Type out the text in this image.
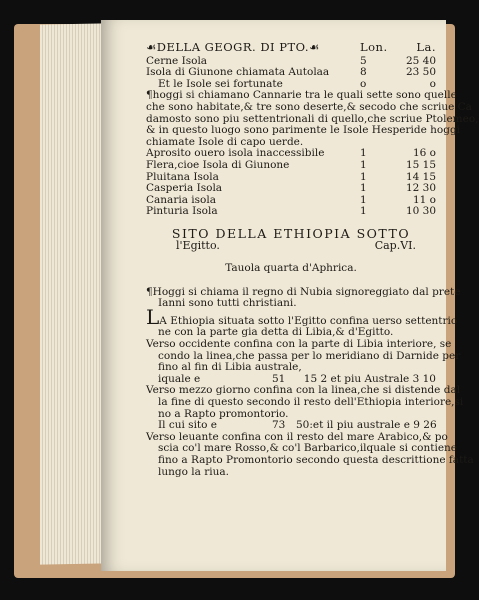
☙DELLA GEOGR. DI PTO.☙	Lon.	La.
Cerne Isola	5	25 40
Isola di Giunone chiamata Autolaa	8	23 50
Et le Isole sei fortunate	o	o
¶hoggi si chiamano Cannarie tra le quali sette sono quelle
che sono habitate,& tre sono deserte,& secodo che scriue Ca
damosto sono piu settentrionali di quello,che scriue Ptolemeo,
& in questo luogo sono parimente le Isole Hesperide hoggi
chiamate Isole di capo uerde.
Aprosito ouero isola inaccessibile	1	16 o
Flera,cioe Isola di Giunone	1	15 15
Pluitana Isola	1	14 15
Casperia Isola	1	12 30
Canaria isola	1	11 o
Pinturia Isola	1	10 30
SITO DELLA ETHIOPIA SOTTO
l'Egitto.	Cap.VI.
Tauola quarta d'Aphrica.
¶Hoggi si chiama il regno di Nubia signoreggiato dal prete
Ianni sono tutti christiani.
LA Ethiopia situata sotto l'Egitto confina uerso settentrio
ne con la parte gia detta di Libia,& d'Egitto.
Verso occidente confina con la parte di Libia interiore, se
condo la linea,che passa per lo meridiano di Darnide per
fino al fin di Libia australe,
iquale e	51	15 2 et piu Australe 3 10
Verso mezzo giorno confina con la linea,che si distende dal
la fine di questo secondo il resto dell'Ethiopia interiore,si
no a Rapto promontorio.
Il cui sito e	73	50:et il piu australe e 9 26
Verso leuante confina con il resto del mare Arabico,& po
scia co'l mare Rosso,& co'l Barbarico,ilquale si contiene
fino a Rapto Promontorio secondo questa descrittione fatta
lungo la riua.
